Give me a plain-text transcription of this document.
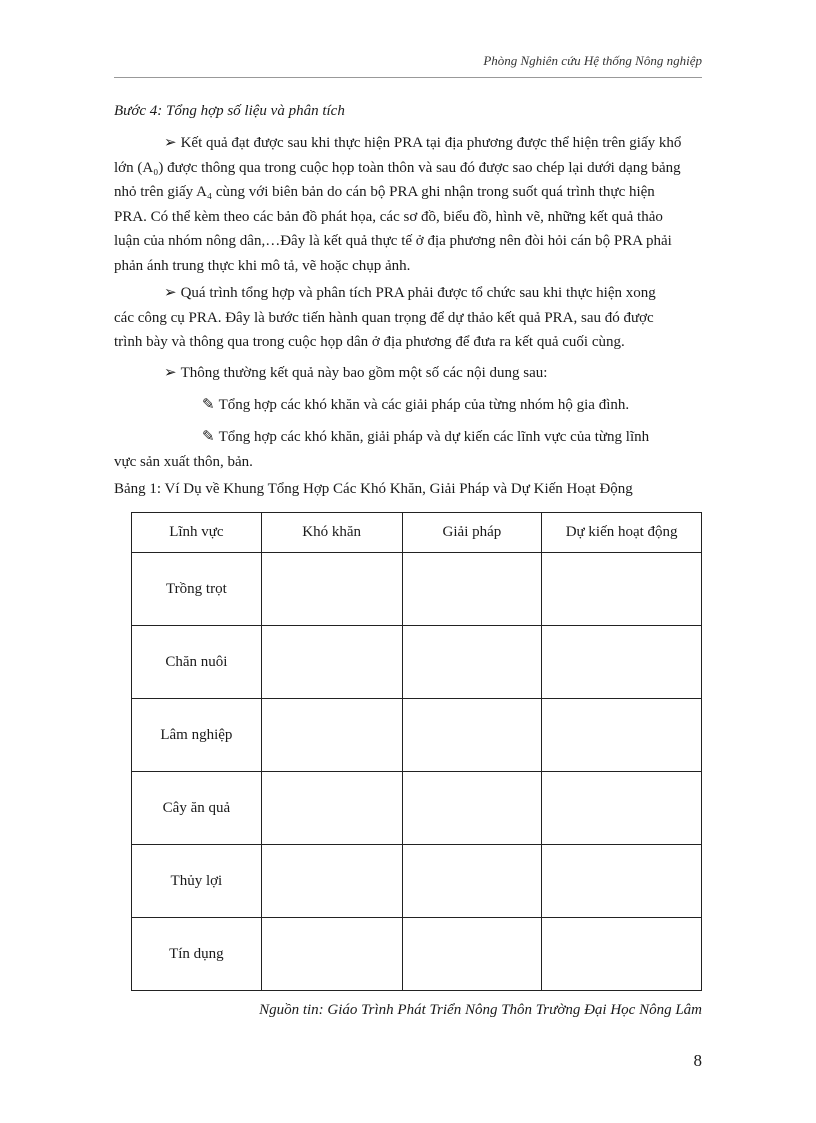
Phòng Nghiên cứu Hệ thống Nông nghiệp
Bước 4: Tổng hợp số liệu và phân tích
➢ Kết quả đạt được sau khi thực hiện PRA tại địa phương được thể hiện trên giấy khổ
lớn (A₀) được thông qua trong cuộc họp toàn thôn và sau đó được sao chép lại dưới dạng bảng
nhỏ trên giấy A₄ cùng với biên bản do cán bộ PRA ghi nhận trong suốt quá trình thực hiện
PRA. Có thể kèm theo các bản đồ phát họa, các sơ đồ, biểu đồ, hình vẽ, những kết quả thảo
luận của nhóm nông dân,…Đây là kết quả thực tế ở địa phương nên đòi hỏi cán bộ PRA phải
phản ánh trung thực khi mô tả, vẽ hoặc chụp ảnh.
➢ Quá trình tổng hợp và phân tích PRA phải được tổ chức sau khi thực hiện xong
các công cụ PRA. Đây là bước tiến hành quan trọng để dự thảo kết quả PRA, sau đó được
trình bày và thông qua trong cuộc họp dân ở địa phương để đưa ra kết quả cuối cùng.
➢ Thông thường kết quả này bao gồm một số các nội dung sau:
✎ Tổng hợp các khó khăn và các giải pháp của từng nhóm hộ gia đình.
✎ Tổng hợp các khó khăn, giải pháp và dự kiến các lĩnh vực của từng lĩnh
vực sản xuất thôn, bản.
Bảng 1: Ví Dụ về Khung Tổng Hợp Các Khó Khăn, Giải Pháp và Dự Kiến Hoạt Động
Lĩnh vực	Khó khăn	Giải pháp	Dự kiến hoạt động
Trồng trọt			
Chăn nuôi			
Lâm nghiệp			
Cây ăn quả			
Thủy lợi			
Tín dụng			
Nguồn tin: Giáo Trình Phát Triển Nông Thôn Trường Đại Học Nông Lâm
8
